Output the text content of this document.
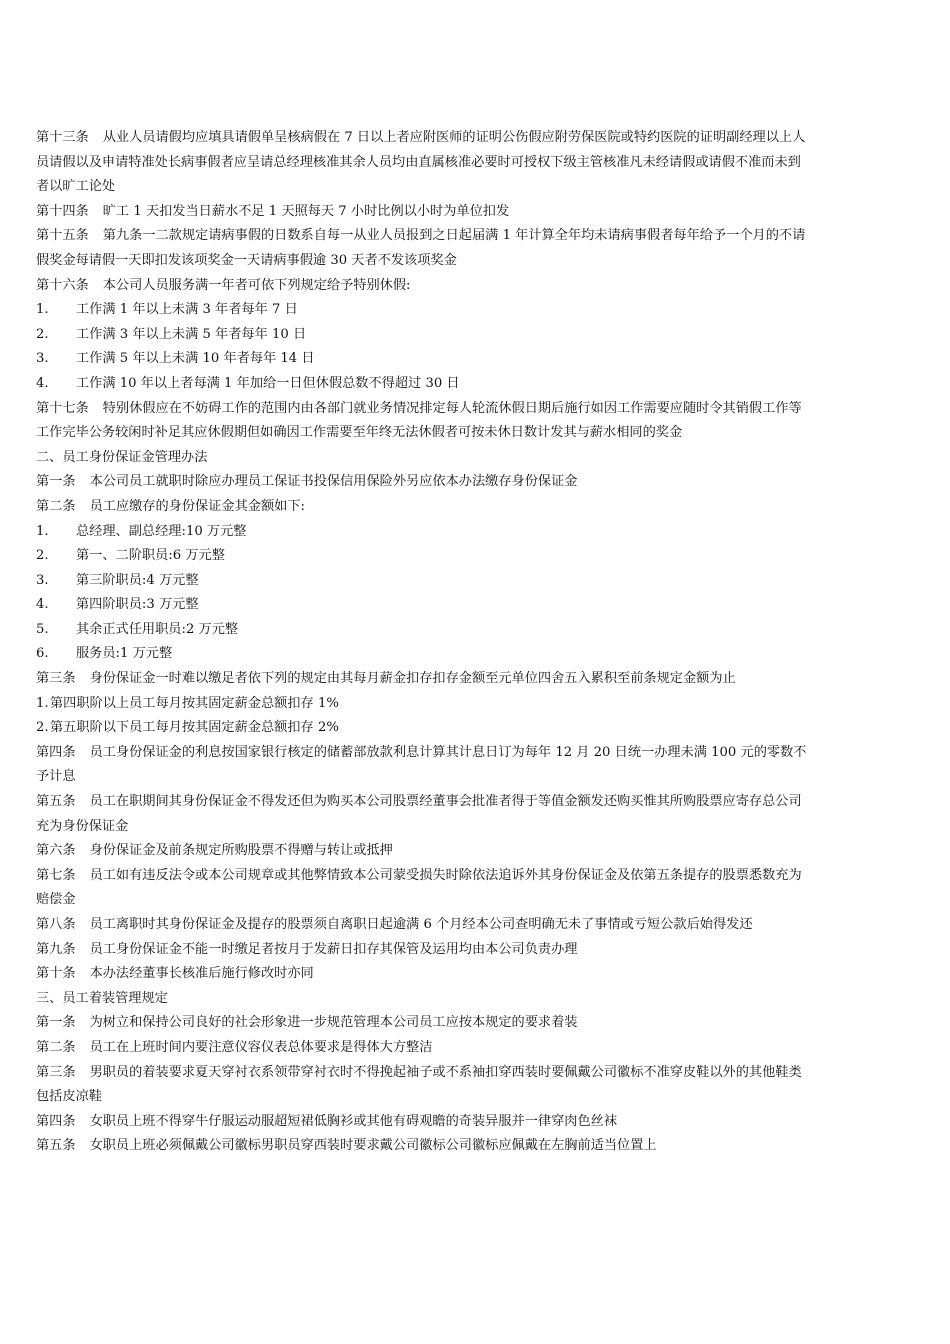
第十三条 从业人员请假均应填具请假单呈核病假在 7 日以上者应附医师的证明公伤假应附劳保医院或特约医院的证明副经理以上人员请假以及申请特准处长病事假者应呈请总经理核准其余人员均由直属核准必要时可授权下级主管核准凡未经请假或请假不准而未到者以旷工论处

第十四条 旷工 1 天扣发当日薪水不足 1 天照每天 7 小时比例以小时为单位扣发

第十五条 第九条一二款规定请病事假的日数系自每一从业人员报到之日起届满 1 年计算全年均未请病事假者每年给予一个月的不请假奖金每请假一天即扣发该项奖金一天请病事假逾 30 天者不发该项奖金

第十六条 本公司人员服务满一年者可依下列规定给予特别休假:

1.	工作满 1 年以上未满 3 年者每年 7 日
2.	工作满 3 年以上未满 5 年者每年 10 日
3.	工作满 5 年以上未满 10 年者每年 14 日
4.	工作满 10 年以上者每满 1 年加给一日但休假总数不得超过 30 日

第十七条 特别休假应在不妨碍工作的范围内由各部门就业务情况排定每人轮流休假日期后施行如因工作需要应随时令其销假工作等工作完毕公务较闲时补足其应休假期但如确因工作需要至年终无法休假者可按未休日数计发其与薪水相同的奖金

二、员工身份保证金管理办法

第一条 本公司员工就职时除应办理员工保证书投保信用保险外另应依本办法缴存身份保证金

第二条 员工应缴存的身份保证金其金额如下:

1.	总经理、副总经理:10 万元整
2.	第一、二阶职员:6 万元整
3.	第三阶职员:4 万元整
4.	第四阶职员:3 万元整
5.	其余正式任用职员:2 万元整
6.	服务员:1 万元整

第三条 身份保证金一时难以缴足者依下列的规定由其每月薪金扣存扣存金额至元单位四舍五入累积至前条规定金额为止

1. 第四职阶以上员工每月按其固定薪金总额扣存 1%
2. 第五职阶以下员工每月按其固定薪金总额扣存 2%

第四条 员工身份保证金的利息按国家银行核定的储蓄部放款利息计算其计息日订为每年 12 月 20 日统一办理未满 100 元的零数不予计息

第五条 员工在职期间其身份保证金不得发还但为购买本公司股票经董事会批准者得于等值金额发还购买惟其所购股票应寄存总公司充为身份保证金

第六条 身份保证金及前条规定所购股票不得赠与转让或抵押

第七条 员工如有违反法令或本公司规章或其他弊情致本公司蒙受损失时除依法追诉外其身份保证金及依第五条提存的股票悉数充为赔偿金

第八条 员工离职时其身份保证金及提存的股票须自离职日起逾满 6 个月经本公司查明确无未了事情或亏短公款后始得发还

第九条 员工身份保证金不能一时缴足者按月于发薪日扣存其保管及运用均由本公司负责办理

第十条 本办法经董事长核准后施行修改时亦同

三、员工着装管理规定

第一条 为树立和保持公司良好的社会形象进一步规范管理本公司员工应按本规定的要求着装

第二条 员工在上班时间内要注意仪容仪表总体要求是得体大方整洁

第三条 男职员的着装要求夏天穿衬衣系领带穿衬衣时不得挽起袖子或不系袖扣穿西装时要佩戴公司徽标不准穿皮鞋以外的其他鞋类包括皮凉鞋

第四条 女职员上班不得穿牛仔服运动服超短裙低胸衫或其他有碍观瞻的奇装异服并一律穿肉色丝袜

第五条 女职员上班必须佩戴公司徽标男职员穿西装时要求戴公司徽标公司徽标应佩戴在左胸前适当位置上
